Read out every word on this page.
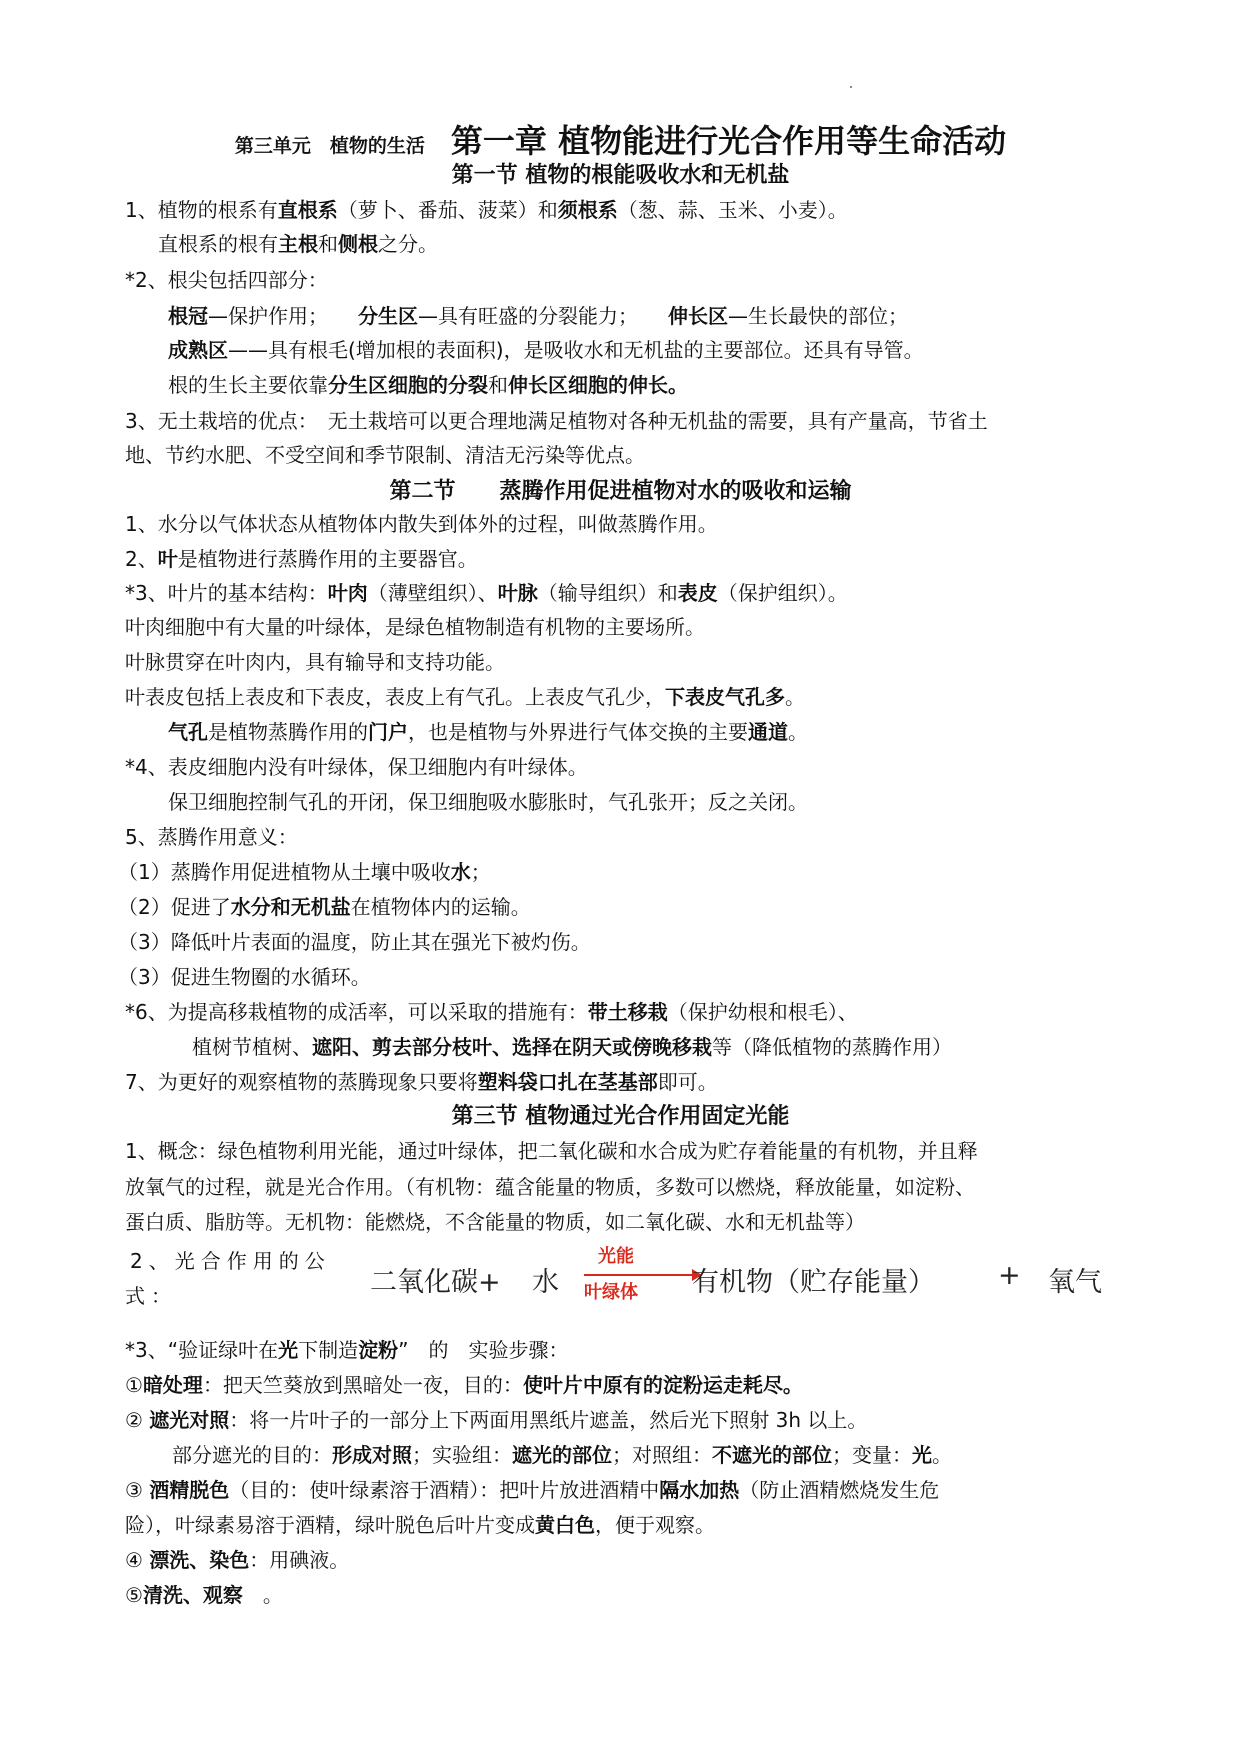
第三单元　植物的生活 第一章 植物能进行光合作用等生命活动
第一节 植物的根能吸收水和无机盐
1、植物的根系有直根系（萝卜、番茄、菠菜）和须根系（葱、蒜、玉米、小麦）。
直根系的根有主根和侧根之分。
*2、根尖包括四部分：
根冠—保护作用； 分生区—具有旺盛的分裂能力； 伸长区—生长最快的部位；
成熟区——具有根毛(增加根的表面积)，是吸收水和无机盐的主要部位。还具有导管。
根的生长主要依靠分生区细胞的分裂和伸长区细胞的伸长。
3、无土栽培的优点：　无土栽培可以更合理地满足植物对各种无机盐的需要，具有产量高，节省土
地、节约水肥、不受空间和季节限制、清洁无污染等优点。
第二节　　蒸腾作用促进植物对水的吸收和运输
1、水分以气体状态从植物体内散失到体外的过程，叫做蒸腾作用。
2、叶是植物进行蒸腾作用的主要器官。
*3、叶片的基本结构：叶肉（薄壁组织）、叶脉（输导组织）和表皮（保护组织）。
叶肉细胞中有大量的叶绿体，是绿色植物制造有机物的主要场所。
叶脉贯穿在叶肉内，具有输导和支持功能。
叶表皮包括上表皮和下表皮，表皮上有气孔。上表皮气孔少，下表皮气孔多。
气孔是植物蒸腾作用的门户，也是植物与外界进行气体交换的主要通道。
*4、表皮细胞内没有叶绿体，保卫细胞内有叶绿体。
保卫细胞控制气孔的开闭，保卫细胞吸水膨胀时，气孔张开；反之关闭。
5、蒸腾作用意义：
（1）蒸腾作用促进植物从土壤中吸收水；
（2）促进了水分和无机盐在植物体内的运输。
（3）降低叶片表面的温度，防止其在强光下被灼伤。
（3）促进生物圈的水循环。
*6、为提高移栽植物的成活率，可以采取的措施有：带土移栽（保护幼根和根毛）、
植树节植树、遮阳、剪去部分枝叶、选择在阴天或傍晚移栽等（降低植物的蒸腾作用）
7、为更好的观察植物的蒸腾现象只要将塑料袋口扎在茎基部即可。
第三节 植物通过光合作用固定光能
1、概念：绿色植物利用光能，通过叶绿体，把二氧化碳和水合成为贮存着能量的有机物，并且释
放氧气的过程，就是光合作用。（有机物：蕴含能量的物质，多数可以燃烧，释放能量，如淀粉、
蛋白质、脂肪等。无机物：能燃烧，不含能量的物质，如二氧化碳、水和无机盐等）
2、光合作用的公
式：	二氧化碳+ 水
光能
叶绿体 有机物（贮存能量） + 氧气
*3、“验证绿叶在光下制造淀粉”　的　实验步骤：
①暗处理：把天竺葵放到黑暗处一夜，目的：使叶片中原有的淀粉运走耗尽。
② 遮光对照：将一片叶子的一部分上下两面用黑纸片遮盖，然后光下照射 3h 以上。
部分遮光的目的：形成对照；实验组：遮光的部位；对照组：不遮光的部位；变量：光。
③ 酒精脱色（目的：使叶绿素溶于酒精）：把叶片放进酒精中隔水加热（防止酒精燃烧发生危
险），叶绿素易溶于酒精，绿叶脱色后叶片变成黄白色，便于观察。
④ 漂洗、染色：用碘液。
⑤清洗、观察　。
